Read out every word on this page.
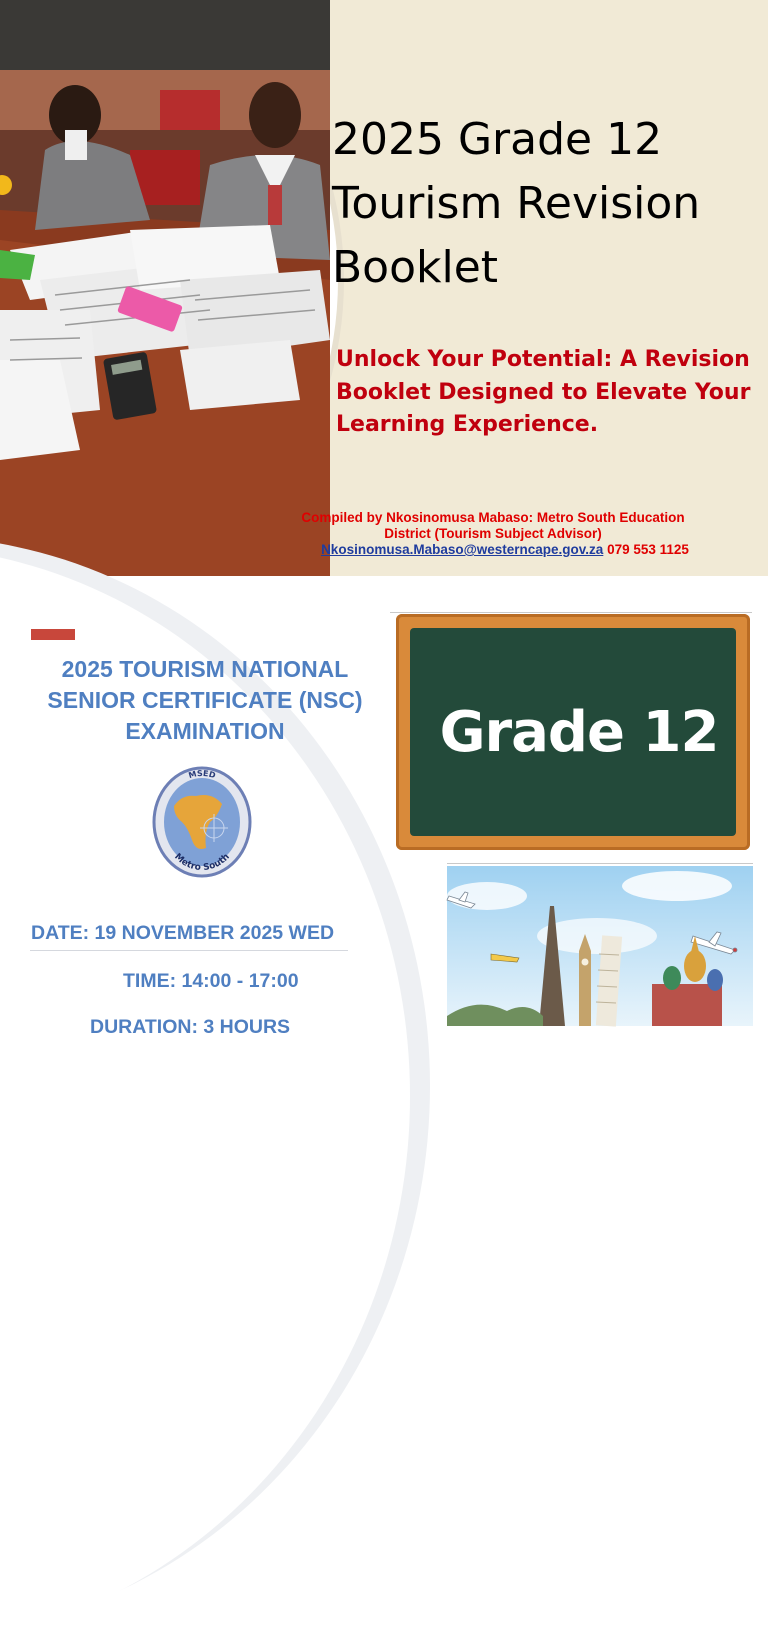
2025 Grade 12
Tourism Revision
Booklet

Unlock Your Potential: A Revision
Booklet Designed to Elevate Your
Learning Experience.

Compiled by Nkosinomusa Mabaso: Metro South Education
District (Tourism Subject Advisor)
Nkosinomusa.Mabaso@westerncape.gov.za 079 553 1125
2025 TOURISM NATIONAL
SENIOR CERTIFICATE (NSC)
EXAMINATION
MSED
Metro South
DATE: 19 NOVEMBER 2025 WED
TIME: 14:00 - 17:00
DURATION: 3 HOURS
Grade 12
